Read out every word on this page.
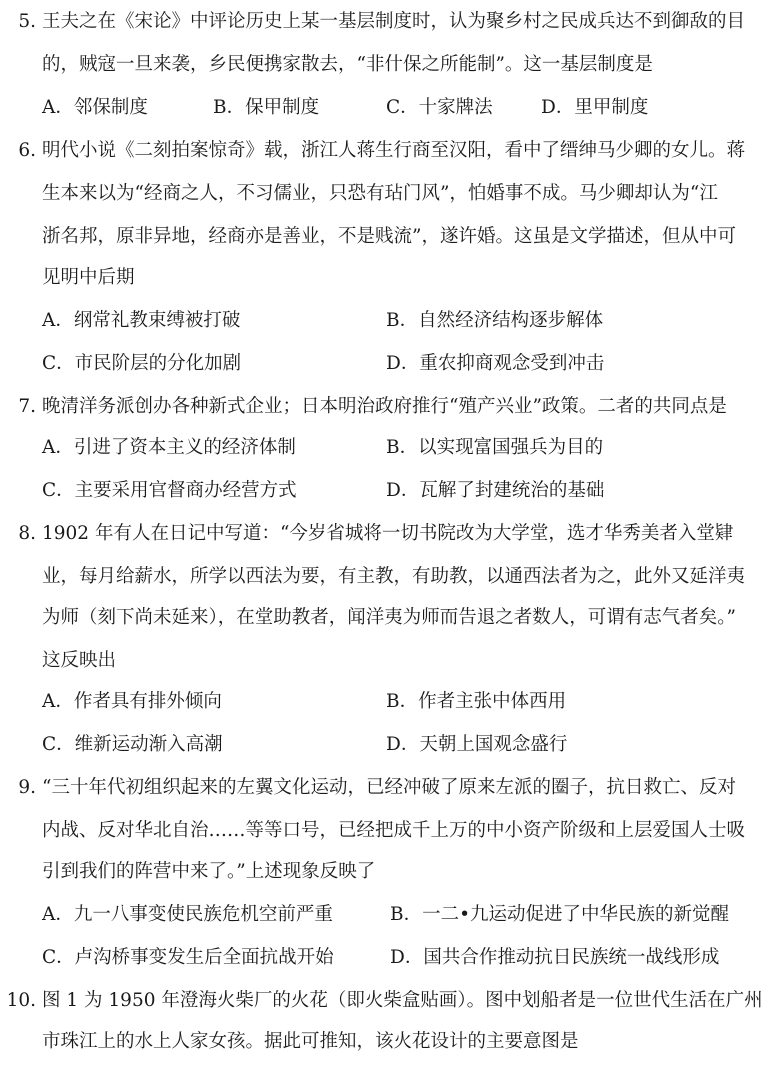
5. 王夫之在《宋论》中评论历史上某一基层制度时，认为聚乡村之民成兵达不到御敌的目
的，贼寇一旦来袭，乡民便携家散去，“非什保之所能制”。这一基层制度是
A．邻保制度	B．保甲制度	C．十家牌法	D．里甲制度
6. 明代小说《二刻拍案惊奇》载，浙江人蒋生行商至汉阳，看中了缙绅马少卿的女儿。蒋
生本来以为“经商之人，不习儒业，只恐有玷门风”，怕婚事不成。马少卿却认为“江
浙名邦，原非异地，经商亦是善业，不是贱流”，遂许婚。这虽是文学描述，但从中可
见明中后期
A．纲常礼教束缚被打破	B．自然经济结构逐步解体
C．市民阶层的分化加剧	D．重农抑商观念受到冲击
7. 晚清洋务派创办各种新式企业；日本明治政府推行“殖产兴业”政策。二者的共同点是
A．引进了资本主义的经济体制	B．以实现富国强兵为目的
C．主要采用官督商办经营方式	D．瓦解了封建统治的基础
8. 1902 年有人在日记中写道：“今岁省城将一切书院改为大学堂，选才华秀美者入堂肄
业，每月给薪水，所学以西法为要，有主教，有助教，以通西法者为之，此外又延洋夷
为师（刻下尚未延来），在堂助教者，闻洋夷为师而告退之者数人，可谓有志气者矣。”
这反映出
A．作者具有排外倾向	B．作者主张中体西用
C．维新运动渐入高潮	D．天朝上国观念盛行
9. “三十年代初组织起来的左翼文化运动，已经冲破了原来左派的圈子，抗日救亡、反对
内战、反对华北自治……等等口号，已经把成千上万的中小资产阶级和上层爱国人士吸
引到我们的阵营中来了。”上述现象反映了
A．九一八事变使民族危机空前严重	B．一二•九运动促进了中华民族的新觉醒
C．卢沟桥事变发生后全面抗战开始	D．国共合作推动抗日民族统一战线形成
10. 图 1 为 1950 年澄海火柴厂的火花（即火柴盒贴画）。图中划船者是一位世代生活在广州
市珠江上的水上人家女孩。据此可推知，该火花设计的主要意图是
